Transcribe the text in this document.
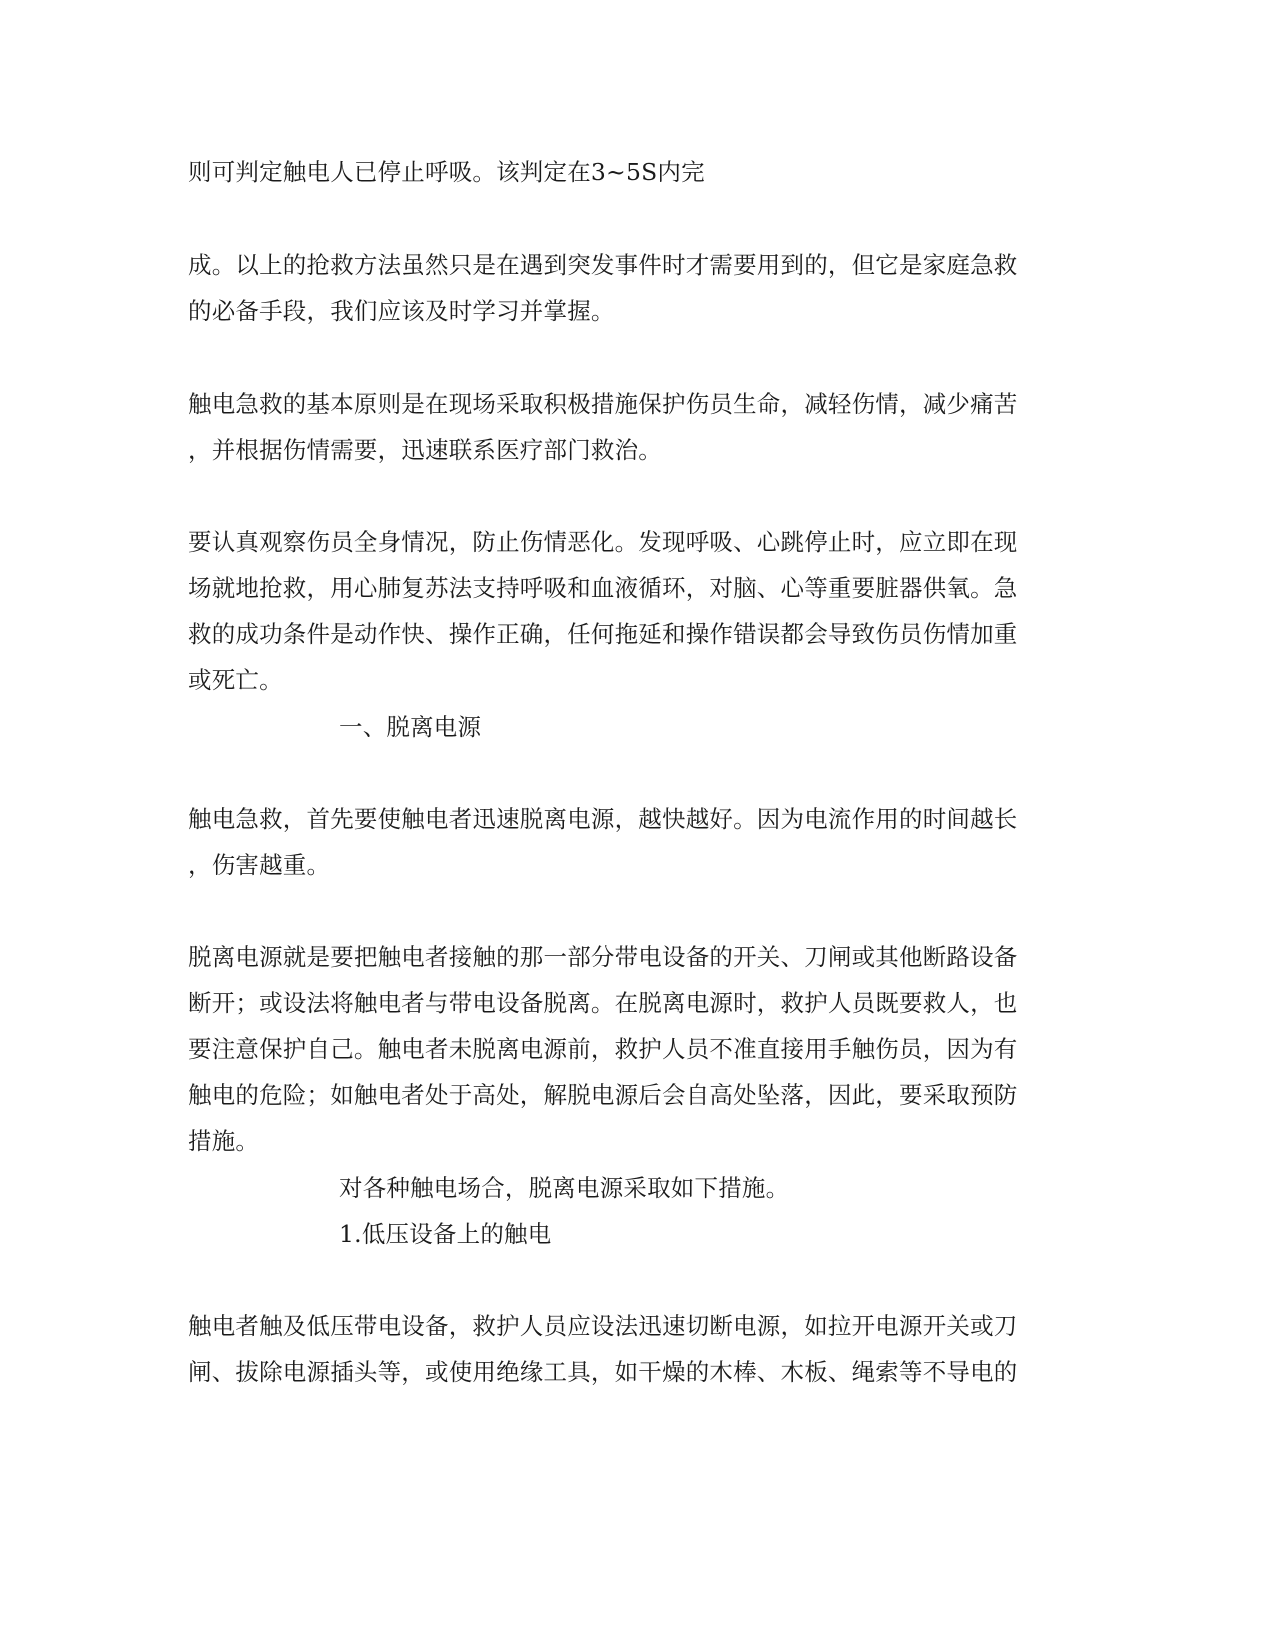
则可判定触电人已停止呼吸。该判定在3~5S内完
成。以上的抢救方法虽然只是在遇到突发事件时才需要用到的，但它是家庭急救
的必备手段，我们应该及时学习并掌握。
触电急救的基本原则是在现场采取积极措施保护伤员生命，减轻伤情，减少痛苦
，并根据伤情需要，迅速联系医疗部门救治。
要认真观察伤员全身情况，防止伤情恶化。发现呼吸、心跳停止时，应立即在现
场就地抢救，用心肺复苏法支持呼吸和血液循环，对脑、心等重要脏器供氧。急
救的成功条件是动作快、操作正确，任何拖延和操作错误都会导致伤员伤情加重
或死亡。
一、脱离电源
触电急救，首先要使触电者迅速脱离电源，越快越好。因为电流作用的时间越长
，伤害越重。
脱离电源就是要把触电者接触的那一部分带电设备的开关、刀闸或其他断路设备
断开；或设法将触电者与带电设备脱离。在脱离电源时，救护人员既要救人，也
要注意保护自己。触电者未脱离电源前，救护人员不准直接用手触伤员，因为有
触电的危险；如触电者处于高处，解脱电源后会自高处坠落，因此，要采取预防
措施。
对各种触电场合，脱离电源采取如下措施。
1.低压设备上的触电
触电者触及低压带电设备，救护人员应设法迅速切断电源，如拉开电源开关或刀
闸、拔除电源插头等，或使用绝缘工具，如干燥的木棒、木板、绳索等不导电的
